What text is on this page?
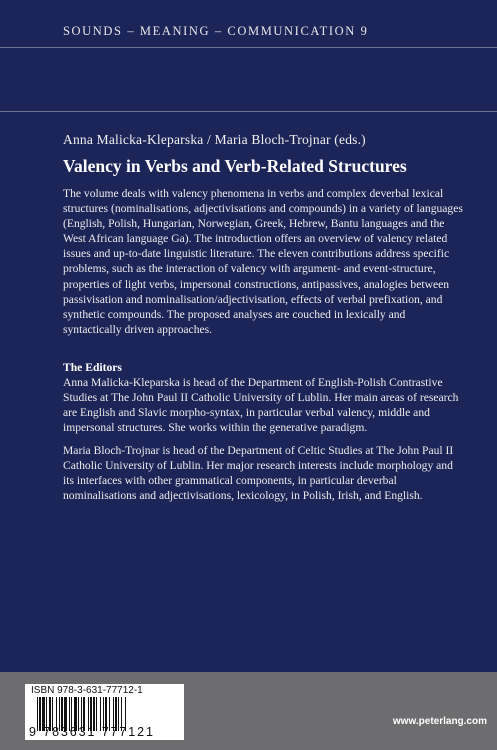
SOUNDS – MEANING – COMMUNICATION 9
Anna Malicka-Kleparska / Maria Bloch-Trojnar (eds.)
Valency in Verbs and Verb-Related Structures

The volume deals with valency phenomena in verbs and complex deverbal lexical structures (nominalisations, adjectivisations and compounds) in a variety of languages (English, Polish, Hungarian, Norwegian, Greek, Hebrew, Bantu languages and the West African language Ga). The introduction offers an overview of valency related issues and up-to-date linguistic literature. The eleven contributions address specific problems, such as the interaction of valency with argument- and event-structure, properties of light verbs, impersonal constructions, antipassives, analogies between passivisation and nominalisation/adjectivisation, effects of verbal prefixation, and synthetic compounds. The proposed analyses are couched in lexically and syntactically driven approaches.

The Editors

Anna Malicka-Kleparska is head of the Department of English-Polish Contrastive Studies at The John Paul II Catholic University of Lublin. Her main areas of research are English and Slavic morpho-syntax, in particular verbal valency, middle and impersonal structures. She works within the generative paradigm.

Maria Bloch-Trojnar is head of the Department of Celtic Studies at The John Paul II Catholic University of Lublin. Her major research interests include morphology and its interfaces with other grammatical components, in particular deverbal nominalisations and adjectivisations, lexicology, in Polish, Irish, and English.

ISBN 978-3-631-77712-1
9 783631 777121
www.peterlang.com
